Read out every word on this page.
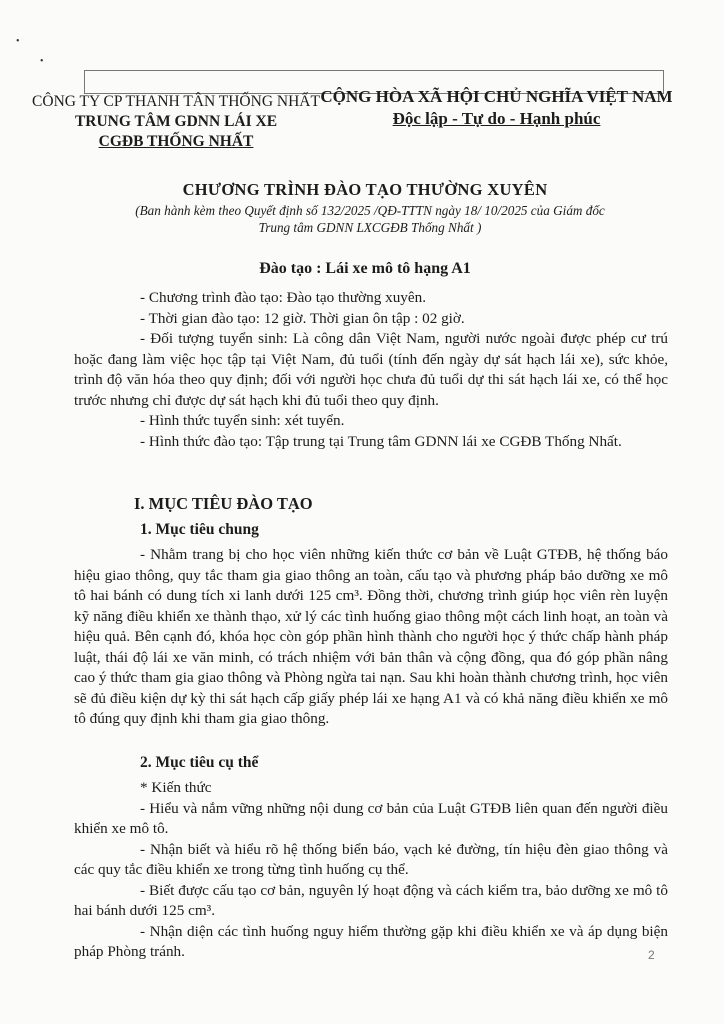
•
•
CÔNG TY CP THANH TÂN THỐNG NHẤT
TRUNG TÂM GDNN LÁI XE
CGĐB THỐNG NHẤT
CỘNG HÒA XÃ HỘI CHỦ NGHĨA VIỆT NAM
Độc lập - Tự do - Hạnh phúc
CHƯƠNG TRÌNH ĐÀO TẠO THƯỜNG XUYÊN
(Ban hành kèm theo Quyết định số 132/2025 /QĐ-TTTN ngày 18/ 10/2025 của Giám đốc
Trung tâm GDNN LXCGĐB Thống Nhất )
Đào tạo : Lái xe mô tô hạng A1

- Chương trình đào tạo: Đào tạo thường xuyên.

- Thời gian đào tạo: 12 giờ. Thời gian ôn tập : 02 giờ.

- Đối tượng tuyển sinh: Là công dân Việt Nam, người nước ngoài được phép cư trú hoặc đang làm việc học tập tại Việt Nam, đủ tuổi (tính đến ngày dự sát hạch lái xe), sức khỏe, trình độ văn hóa theo quy định; đối với người học chưa đủ tuổi dự thi sát hạch lái xe, có thể học trước nhưng chỉ được dự sát hạch khi đủ tuổi theo quy định.

- Hình thức tuyển sinh: xét tuyển.

- Hình thức đào tạo: Tập trung tại Trung tâm GDNN lái xe CGĐB Thống Nhất.

I. MỤC TIÊU ĐÀO TẠO
1. Mục tiêu chung

- Nhằm trang bị cho học viên những kiến thức cơ bản về Luật GTĐB, hệ thống báo hiệu giao thông, quy tắc tham gia giao thông an toàn, cấu tạo và phương pháp bảo dưỡng xe mô tô hai bánh có dung tích xi lanh dưới 125 cm³. Đồng thời, chương trình giúp học viên rèn luyện kỹ năng điều khiển xe thành thạo, xử lý các tình huống giao thông một cách linh hoạt, an toàn và hiệu quả. Bên cạnh đó, khóa học còn góp phần hình thành cho người học ý thức chấp hành pháp luật, thái độ lái xe văn minh, có trách nhiệm với bản thân và cộng đồng, qua đó góp phần nâng cao ý thức tham gia giao thông và Phòng ngừa tai nạn. Sau khi hoàn thành chương trình, học viên sẽ đủ điều kiện dự kỳ thi sát hạch cấp giấy phép lái xe hạng A1 và có khả năng điều khiển xe mô tô đúng quy định khi tham gia giao thông.

2. Mục tiêu cụ thể

* Kiến thức

- Hiểu và nắm vững những nội dung cơ bản của Luật GTĐB liên quan đến người điều khiển xe mô tô.

- Nhận biết và hiểu rõ hệ thống biển báo, vạch kẻ đường, tín hiệu đèn giao thông và các quy tắc điều khiển xe trong từng tình huống cụ thể.

- Biết được cấu tạo cơ bản, nguyên lý hoạt động và cách kiểm tra, bảo dưỡng xe mô tô hai bánh dưới 125 cm³.

- Nhận diện các tình huống nguy hiểm thường gặp khi điều khiển xe và áp dụng biện pháp Phòng tránh.	2
